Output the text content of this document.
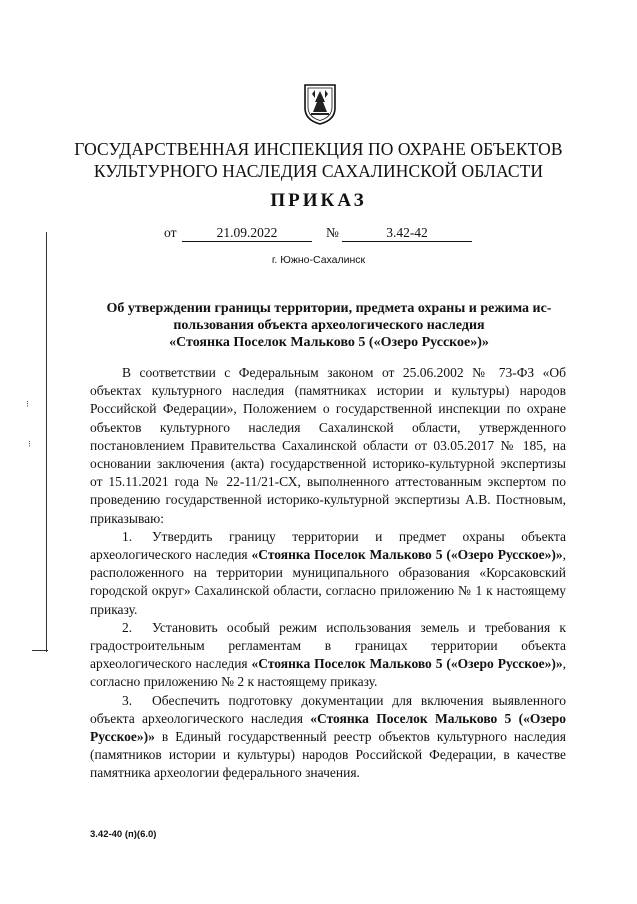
⁝
⁝
ГОСУДАРСТВЕННАЯ ИНСПЕКЦИЯ ПО ОХРАНЕ ОБЪЕКТОВ
КУЛЬТУРНОГО НАСЛЕДИЯ САХАЛИНСКОЙ ОБЛАСТИ
ПРИКАЗ
от	21.09.2022	№	3.42-42
г. Южно-Сахалинск
Об утверждении границы территории, предмета охраны и режима ис-
пользования объекта археологического наследия
«Стоянка Поселок Мальково 5 («Озеро Русское»)»

В соответствии с Федеральным законом от 25.06.2002 № 73-ФЗ «Об объектах культурного наследия (памятниках истории и культуры) народов Российской Федерации», Положением о государственной инспекции по охране объектов культурного наследия Сахалинской области, утвержденного постановлением Правительства Сахалинской области от 03.05.2017 № 185, на основании заключения (акта) государственной историко-культурной экспертизы от 15.11.2021 года № 22-11/21-СХ, выполненного аттестованным экспертом по проведению государственной историко-культурной экспертизы А.В. Постновым, приказываю:

1. Утвердить границу территории и предмет охраны объекта археологического наследия «Стоянка Поселок Мальково 5 («Озеро Русское»)», расположенного на территории муниципального образования «Корсаковский городской округ» Сахалинской области, согласно приложению № 1 к настоящему приказу.

2. Установить особый режим использования земель и требования к градостроительным регламентам в границах территории объекта археологического наследия «Стоянка Поселок Мальково 5 («Озеро Русское»)», согласно приложению № 2 к настоящему приказу.

3. Обеспечить подготовку документации для включения выявленного объекта археологического наследия «Стоянка Поселок Мальково 5 («Озеро Русское»)» в Единый государственный реестр объектов культурного наследия (памятников истории и культуры) народов Российской Федерации, в качестве памятника археологии федерального значения.

3.42-40 (п)(6.0)
